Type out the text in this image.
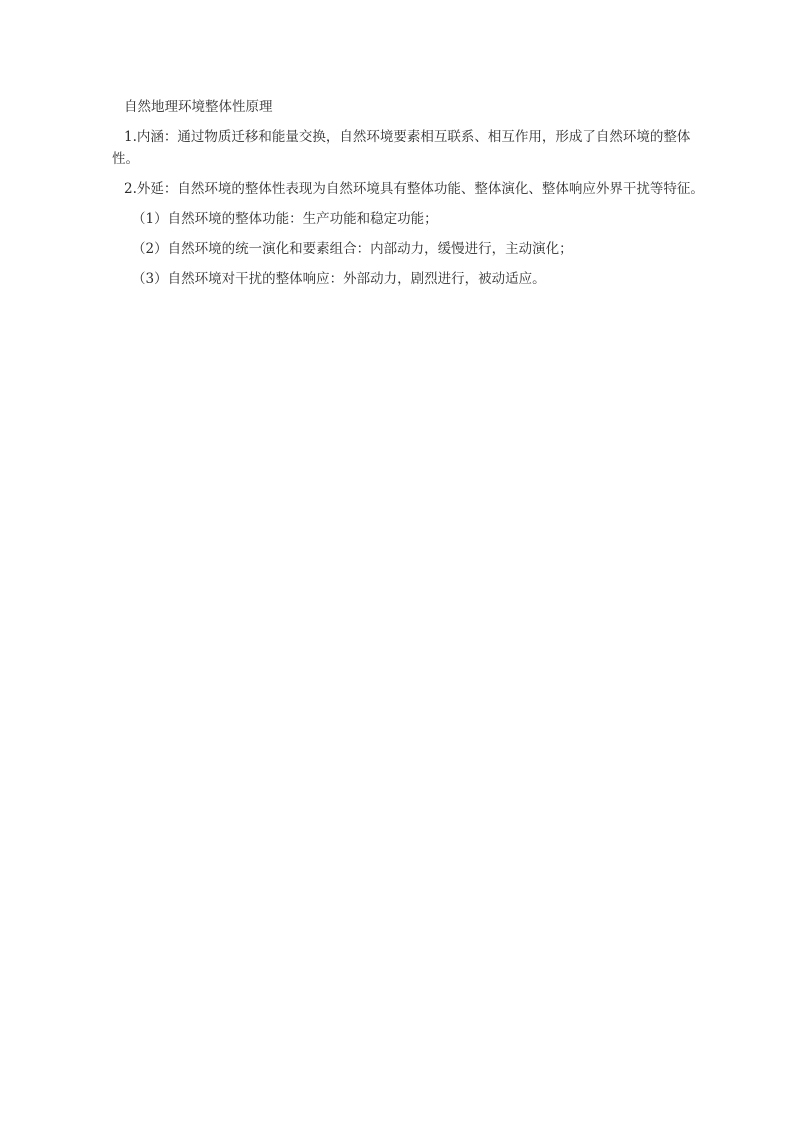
自然地理环境整体性原理

1.内涵：通过物质迁移和能量交换，自然环境要素相互联系、相互作用，形成了自然环境的整体性。

2.外延：自然环境的整体性表现为自然环境具有整体功能、整体演化、整体响应外界干扰等特征。

（1）自然环境的整体功能：生产功能和稳定功能；

（2）自然环境的统一演化和要素组合：内部动力，缓慢进行，主动演化；

（3）自然环境对干扰的整体响应：外部动力，剧烈进行，被动适应。
